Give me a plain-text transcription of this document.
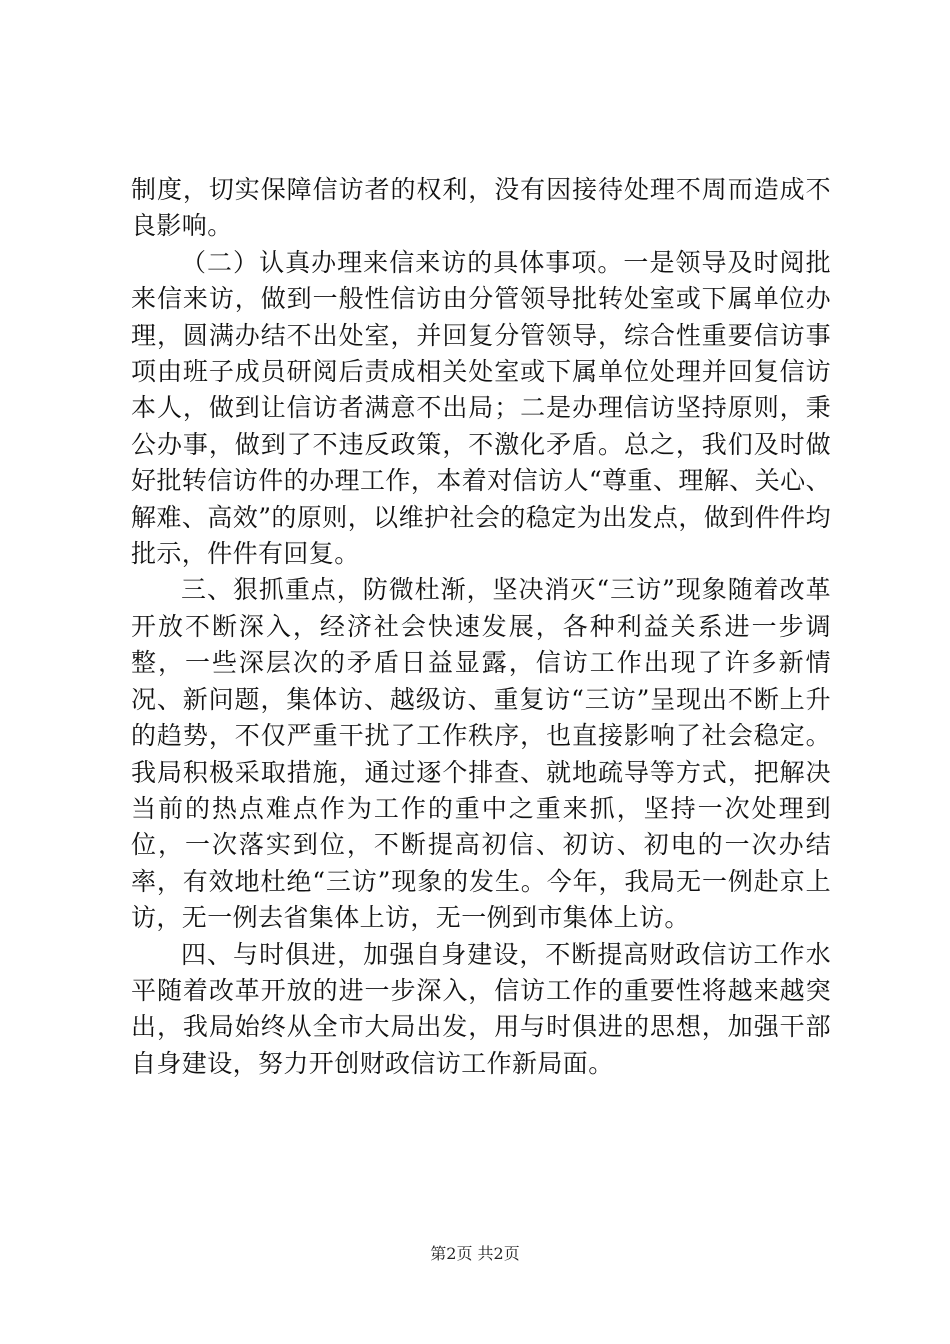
制度，切实保障信访者的权利，没有因接待处理不周而造成不良影响。

（二）认真办理来信来访的具体事项。一是领导及时阅批来信来访，做到一般性信访由分管领导批转处室或下属单位办理，圆满办结不出处室，并回复分管领导，综合性重要信访事项由班子成员研阅后责成相关处室或下属单位处理并回复信访本人，做到让信访者满意不出局；二是办理信访坚持原则，秉公办事，做到了不违反政策，不激化矛盾。总之，我们及时做好批转信访件的办理工作，本着对信访人“尊重、理解、关心、解难、高效”的原则，以维护社会的稳定为出发点，做到件件均批示，件件有回复。

三、狠抓重点，防微杜渐，坚决消灭“三访”现象随着改革开放不断深入，经济社会快速发展，各种利益关系进一步调整，一些深层次的矛盾日益显露，信访工作出现了许多新情况、新问题，集体访、越级访、重复访“三访”呈现出不断上升的趋势，不仅严重干扰了工作秩序，也直接影响了社会稳定。我局积极采取措施，通过逐个排查、就地疏导等方式，把解决当前的热点难点作为工作的重中之重来抓，坚持一次处理到位，一次落实到位，不断提高初信、初访、初电的一次办结率，有效地杜绝“三访”现象的发生。今年，我局无一例赴京上访，无一例去省集体上访，无一例到市集体上访。

四、与时俱进，加强自身建设，不断提高财政信访工作水平随着改革开放的进一步深入，信访工作的重要性将越来越突出，我局始终从全市大局出发，用与时俱进的思想，加强干部自身建设，努力开创财政信访工作新局面。

第2页 共2页
